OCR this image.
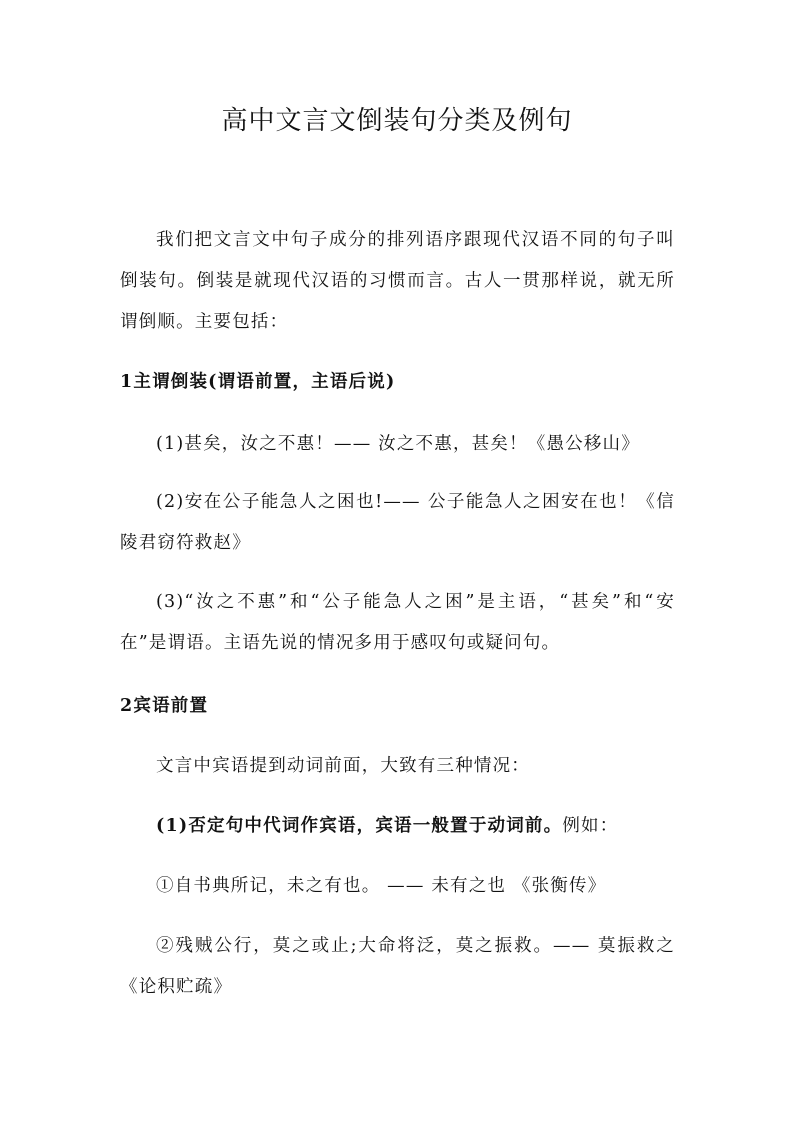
高中文言文倒装句分类及例句

我们把文言文中句子成分的排列语序跟现代汉语不同的句子叫倒装句。倒装是就现代汉语的习惯而言。古人一贯那样说，就无所谓倒顺。主要包括：

1主谓倒装(谓语前置，主语后说)

(1)甚矣，汝之不惠！—— 汝之不惠，甚矣！《愚公移山》

(2)安在公子能急人之困也!—— 公子能急人之困安在也！《信陵君窃符救赵》

(3)“汝之不惠”和“公子能急人之困”是主语，“甚矣”和“安在”是谓语。主语先说的情况多用于感叹句或疑问句。

2宾语前置

文言中宾语提到动词前面，大致有三种情况：

(1)否定句中代词作宾语，宾语一般置于动词前。例如：

①自书典所记，未之有也。 —— 未有之也 《张衡传》

②残贼公行，莫之或止;大命将泛，莫之振救。—— 莫振救之《论积贮疏》
